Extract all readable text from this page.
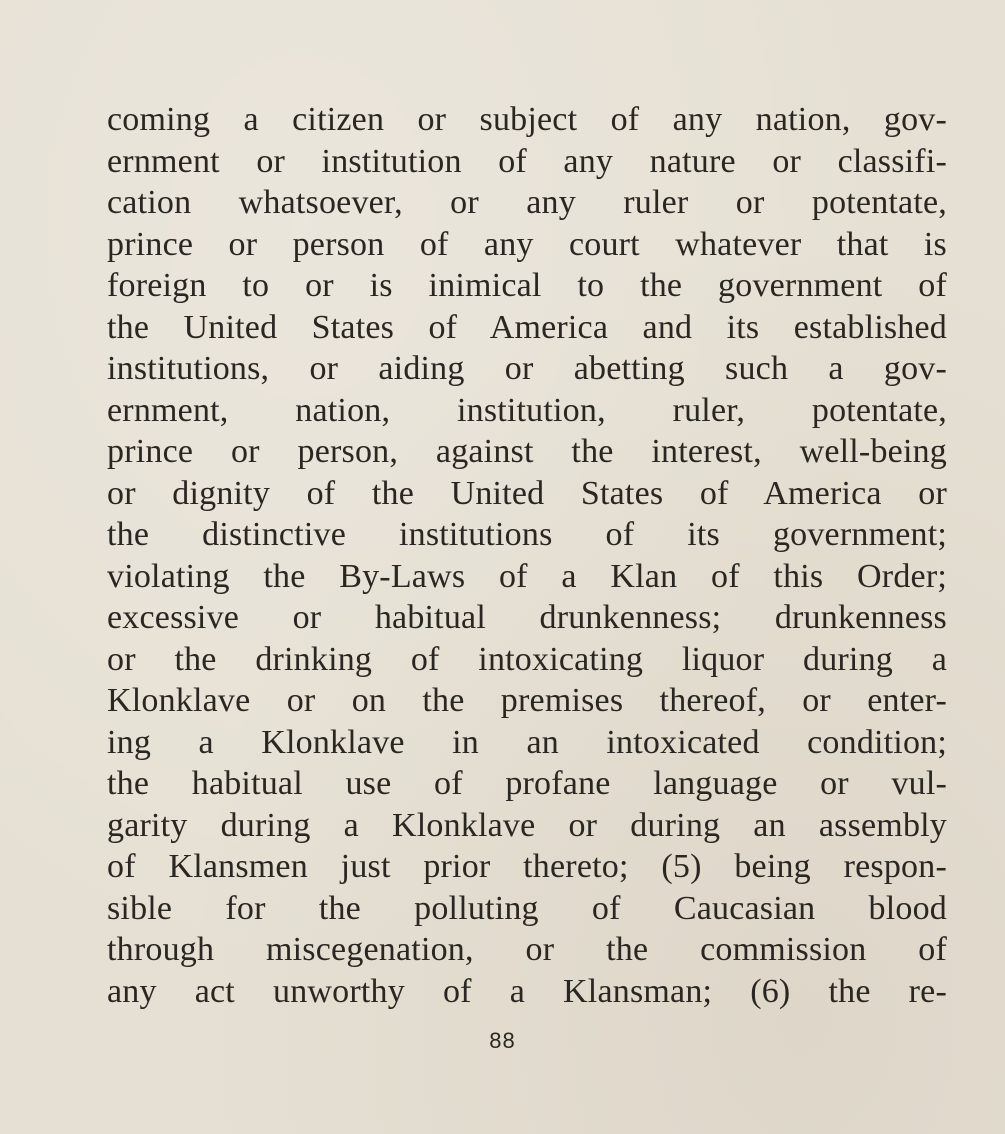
coming a citizen or subject of any nation, gov-
ernment or institution of any nature or classifi-
cation whatsoever, or any ruler or potentate,
prince or person of any court whatever that is
foreign to or is inimical to the government of
the United States of America and its established
institutions, or aiding or abetting such a gov-
ernment, nation, institution, ruler, potentate,
prince or person, against the interest, well-being
or dignity of the United States of America or
the distinctive institutions of its government;
violating the By-Laws of a Klan of this Order;
excessive or habitual drunkenness; drunkenness
or the drinking of intoxicating liquor during a
Klonklave or on the premises thereof, or enter-
ing a Klonklave in an intoxicated condition;
the habitual use of profane language or vul-
garity during a Klonklave or during an assembly
of Klansmen just prior thereto; (5) being respon-
sible for the polluting of Caucasian blood
through miscegenation, or the commission of
any act unworthy of a Klansman; (6) the re-
88
